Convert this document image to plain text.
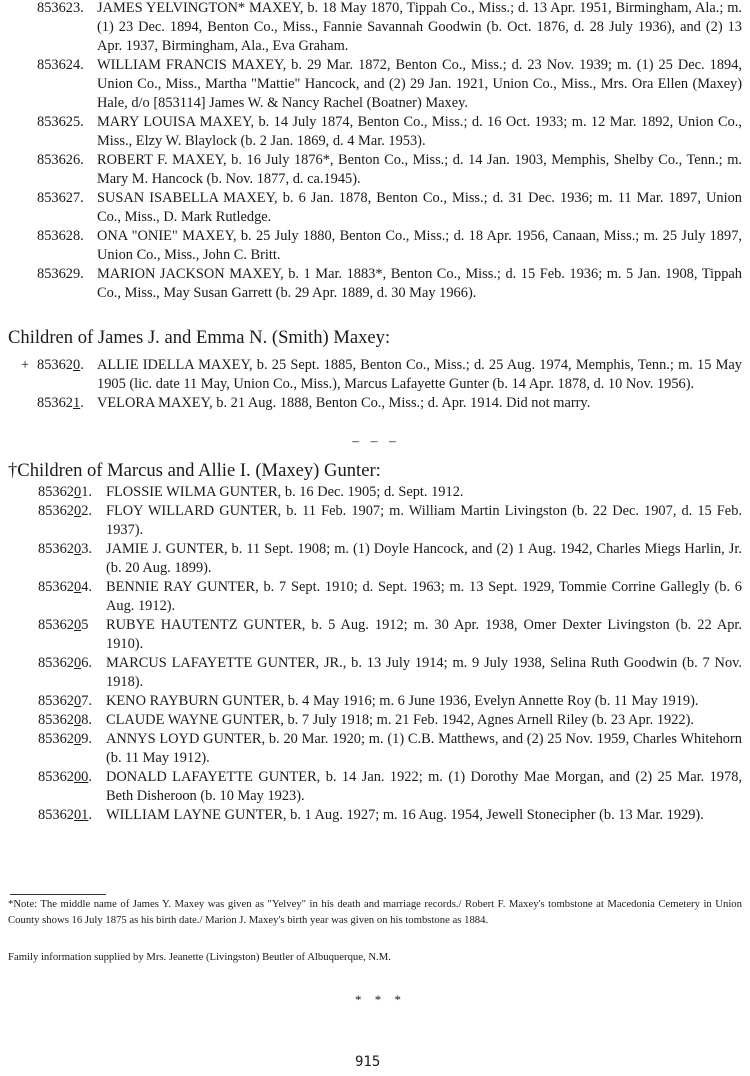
853623. JAMES YELVINGTON* MAXEY, b. 18 May 1870, Tippah Co., Miss.; d. 13 Apr. 1951, Birmingham, Ala.; m. (1) 23 Dec. 1894, Benton Co., Miss., Fannie Savannah Goodwin (b. Oct. 1876, d. 28 July 1936), and (2) 13 Apr. 1937, Birmingham, Ala., Eva Graham.
853624. WILLIAM FRANCIS MAXEY, b. 29 Mar. 1872, Benton Co., Miss.; d. 23 Nov. 1939; m. (1) 25 Dec. 1894, Union Co., Miss., Martha "Mattie" Hancock, and (2) 29 Jan. 1921, Union Co., Miss., Mrs. Ora Ellen (Maxey) Hale, d/o [853114] James W. & Nancy Rachel (Boatner) Maxey.
853625. MARY LOUISA MAXEY, b. 14 July 1874, Benton Co., Miss.; d. 16 Oct. 1933; m. 12 Mar. 1892, Union Co., Miss., Elzy W. Blaylock (b. 2 Jan. 1869, d. 4 Mar. 1953).
853626. ROBERT F. MAXEY, b. 16 July 1876*, Benton Co., Miss.; d. 14 Jan. 1903, Memphis, Shelby Co., Tenn.; m. Mary M. Hancock (b. Nov. 1877, d. ca.1945).
853627. SUSAN ISABELLA MAXEY, b. 6 Jan. 1878, Benton Co., Miss.; d. 31 Dec. 1936; m. 11 Mar. 1897, Union Co., Miss., D. Mark Rutledge.
853628. ONA "ONIE" MAXEY, b. 25 July 1880, Benton Co., Miss.; d. 18 Apr. 1956, Canaan, Miss.; m. 25 July 1897, Union Co., Miss., John C. Britt.
853629. MARION JACKSON MAXEY, b. 1 Mar. 1883*, Benton Co., Miss.; d. 15 Feb. 1936; m. 5 Jan. 1908, Tippah Co., Miss., May Susan Garrett (b. 29 Apr. 1889, d. 30 May 1966).
Children of James J. and Emma N. (Smith) Maxey:
+ 853620. ALLIE IDELLA MAXEY, b. 25 Sept. 1885, Benton Co., Miss.; d. 25 Aug. 1974, Memphis, Tenn.; m. 15 May 1905 (lic. date 11 May, Union Co., Miss.), Marcus Lafayette Gunter (b. 14 Apr. 1878, d. 10 Nov. 1956).
853621. VELORA MAXEY, b. 21 Aug. 1888, Benton Co., Miss.; d. Apr. 1914. Did not marry.
– – –
†Children of Marcus and Allie I. (Maxey) Gunter:
8536201. FLOSSIE WILMA GUNTER, b. 16 Dec. 1905; d. Sept. 1912.
8536202. FLOY WILLARD GUNTER, b. 11 Feb. 1907; m. William Martin Livingston (b. 22 Dec. 1907, d. 15 Feb. 1937).
8536203. JAMIE J. GUNTER, b. 11 Sept. 1908; m. (1) Doyle Hancock, and (2) 1 Aug. 1942, Charles Miegs Harlin, Jr. (b. 20 Aug. 1899).
8536204. BENNIE RAY GUNTER, b. 7 Sept. 1910; d. Sept. 1963; m. 13 Sept. 1929, Tommie Corrine Gallegly (b. 6 Aug. 1912).
8536205	RUBYE HAUTENTZ GUNTER, b. 5 Aug. 1912; m. 30 Apr. 1938, Omer Dexter Livingston (b. 22 Apr. 1910).
8536206. MARCUS LAFAYETTE GUNTER, JR., b. 13 July 1914; m. 9 July 1938, Selina Ruth Goodwin (b. 7 Nov. 1918).
8536207. KENO RAYBURN GUNTER, b. 4 May 1916; m. 6 June 1936, Evelyn Annette Roy (b. 11 May 1919).
8536208. CLAUDE WAYNE GUNTER, b. 7 July 1918; m. 21 Feb. 1942, Agnes Arnell Riley (b. 23 Apr. 1922).
8536209. ANNYS LOYD GUNTER, b. 20 Mar. 1920; m. (1) C.B. Matthews, and (2) 25 Nov. 1959, Charles Whitehorn (b. 11 May 1912).
8536200. DONALD LAFAYETTE GUNTER, b. 14 Jan. 1922; m. (1) Dorothy Mae Morgan, and (2) 25 Mar. 1978, Beth Disheroon (b. 10 May 1923).
8536201. WILLIAM LAYNE GUNTER, b. 1 Aug. 1927; m. 16 Aug. 1954, Jewell Stonecipher (b. 13 Mar. 1929).
*Note: The middle name of James Y. Maxey was given as "Yelvey" in his death and marriage records./ Robert F. Maxey's tombstone at Macedonia Cemetery in Union County shows 16 July 1875 as his birth date./ Marion J. Maxey's birth year was given on his tombstone as 1884.
Family information supplied by Mrs. Jeanette (Livingston) Beutler of Albuquerque, N.M.
* * *
915
